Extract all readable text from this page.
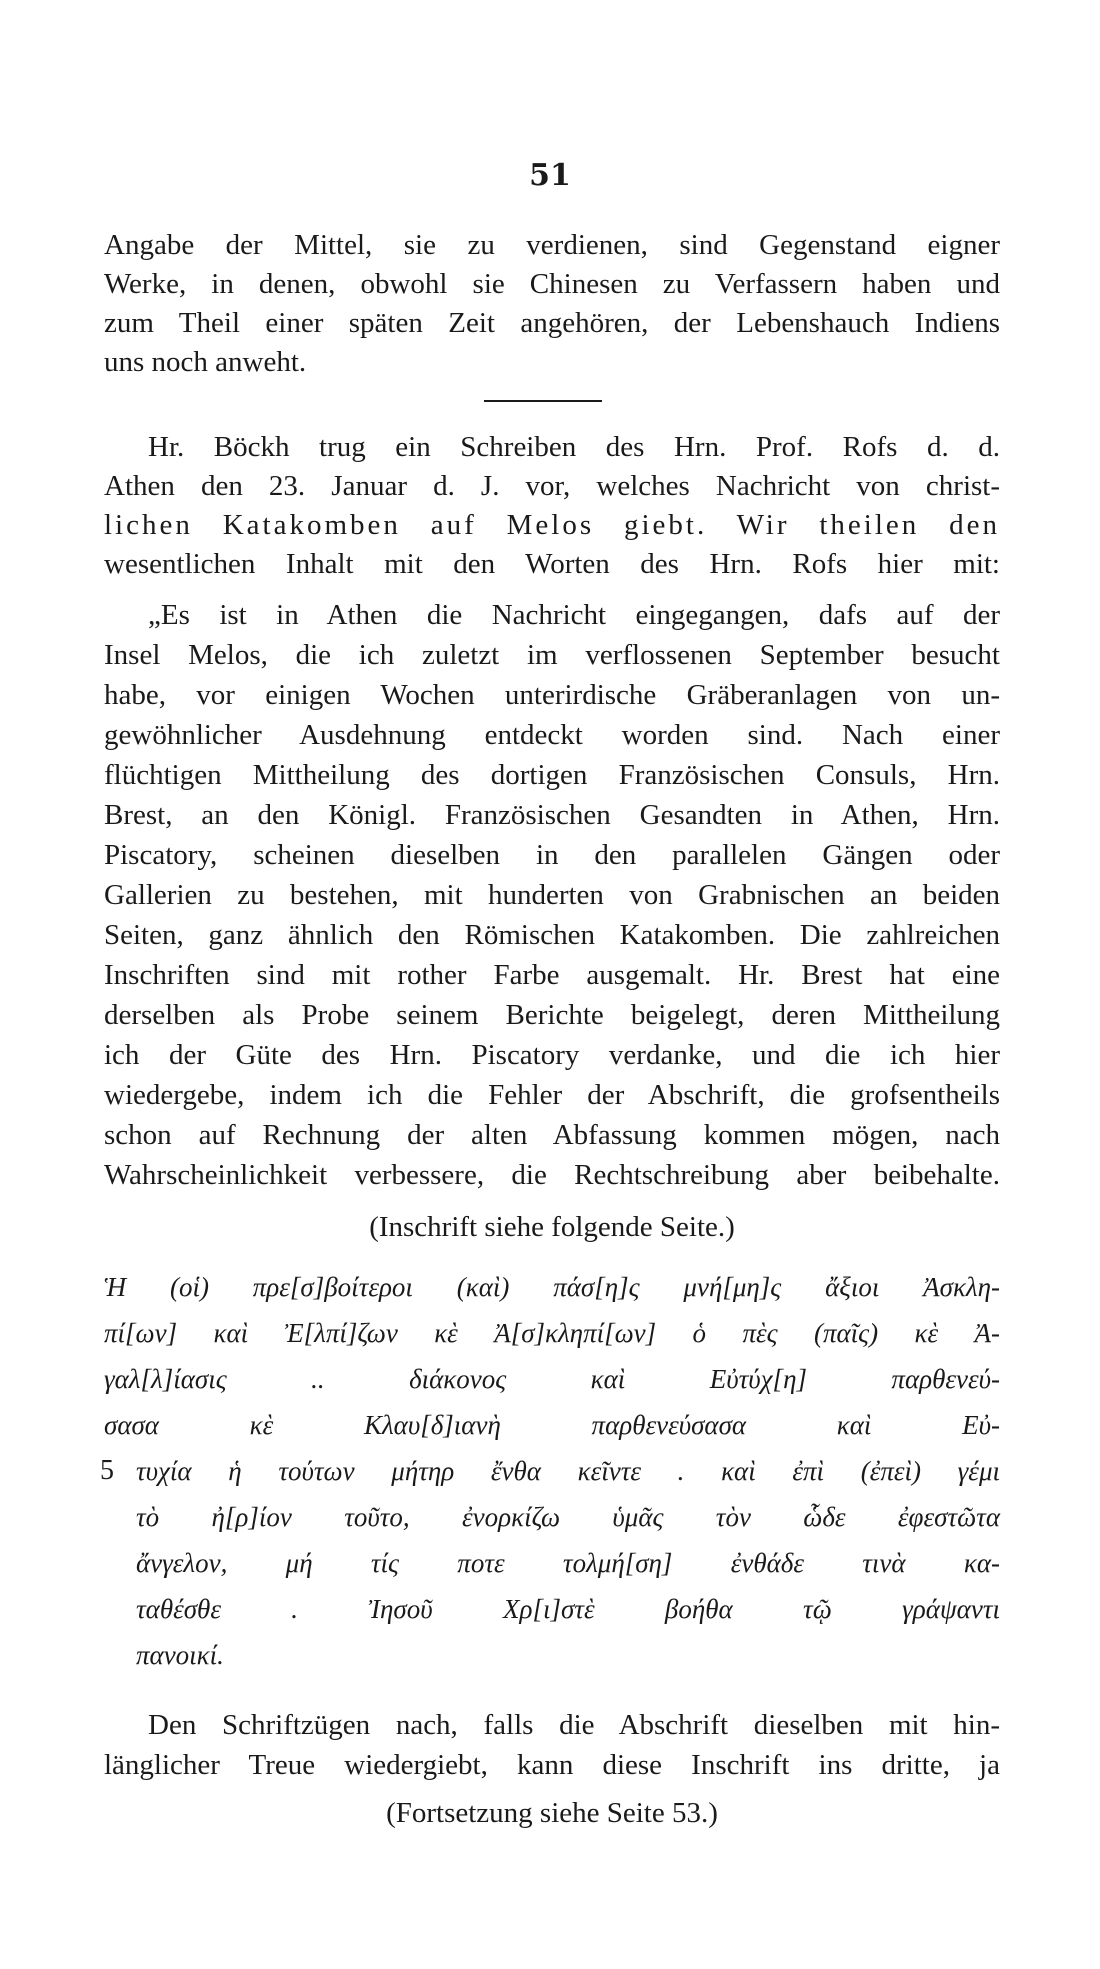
51
Angabe der Mittel, sie zu verdienen, sind Gegenstand eigner
Werke, in denen, obwohl sie Chinesen zu Verfassern haben und
zum Theil einer späten Zeit angehören, der Lebenshauch Indiens
uns noch anweht.
Hr. Böckh trug ein Schreiben des Hrn. Prof. Rofs d. d.
Athen den 23. Januar d. J. vor, welches Nachricht von christ-
lichen Katakomben auf Melos giebt. Wir theilen den
wesentlichen Inhalt mit den Worten des Hrn. Rofs hier mit:
„Es ist in Athen die Nachricht eingegangen, dafs auf der
Insel Melos, die ich zuletzt im verflossenen September besucht
habe, vor einigen Wochen unterirdische Gräberanlagen von un-
gewöhnlicher Ausdehnung entdeckt worden sind. Nach einer
flüchtigen Mittheilung des dortigen Französischen Consuls, Hrn.
Brest, an den Königl. Französischen Gesandten in Athen, Hrn.
Piscatory, scheinen dieselben in den parallelen Gängen oder
Gallerien zu bestehen, mit hunderten von Grabnischen an beiden
Seiten, ganz ähnlich den Römischen Katakomben. Die zahlreichen
Inschriften sind mit rother Farbe ausgemalt. Hr. Brest hat eine
derselben als Probe seinem Berichte beigelegt, deren Mittheilung
ich der Güte des Hrn. Piscatory verdanke, und die ich hier
wiedergebe, indem ich die Fehler der Abschrift, die grofsentheils
schon auf Rechnung der alten Abfassung kommen mögen, nach
Wahrscheinlichkeit verbessere, die Rechtschreibung aber beibehalte.
(Inschrift siehe folgende Seite.)
Ἡ (οἱ) πρε[σ]βοίτεροι (καὶ) πάσ[η]ς μνή[μη]ς ἄξιοι Ἀσκλη-
πί[ων] καὶ Ἐ[λπί]ζων κὲ Ἀ[σ]κληπί[ων] ὁ πὲς (παῖς) κὲ Ἀ-
γαλ[λ]ίασις .. διάκονος καὶ Εὐτύχ[η] παρθενεύ-
σασα κὲ Κλαυ[δ]ιανὴ παρθενεύσασα καὶ Εὐ-
5 τυχία ἡ τούτων μήτηρ ἔνθα κεῖντε . καὶ ἐπὶ (ἐπεὶ) γέμι
τὸ ἠ[ρ]ίον τοῦτο, ἐνορκίζω ὑμᾶς τὸν ὧδε ἐφεστῶτα
ἄνγελον, μή τίς ποτε τολμή[ση] ἐνθάδε τινὰ κα-
ταθέσθε . Ἰησοῦ Χρ[ι]στὲ βοήθα τῷ γράψαντι
πανοικί.
Den Schriftzügen nach, falls die Abschrift dieselben mit hin-
länglicher Treue wiedergiebt, kann diese Inschrift ins dritte, ja
(Fortsetzung siehe Seite 53.)
